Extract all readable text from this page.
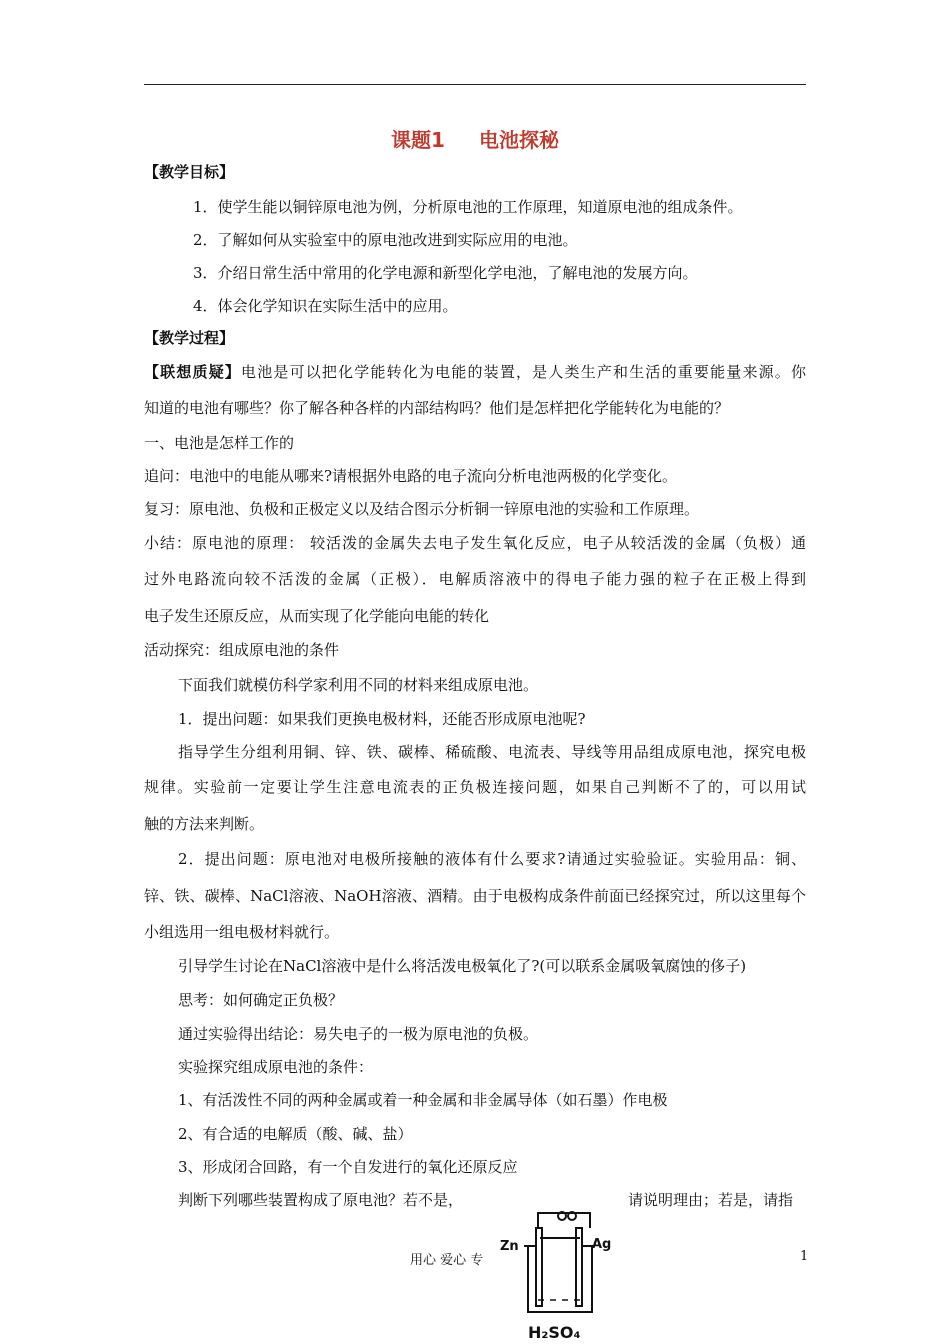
课题1 电池探秘
【教学目标】
1．使学生能以铜锌原电池为例，分析原电池的工作原理，知道原电池的组成条件。
2．了解如何从实验室中的原电池改进到实际应用的电池。
3．介绍日常生活中常用的化学电源和新型化学电池，了解电池的发展方向。
4．体会化学知识在实际生活中的应用。
【教学过程】
【联想质疑】电池是可以把化学能转化为电能的装置，是人类生产和生活的重要能量来源。你
知道的电池有哪些？你了解各种各样的内部结构吗？他们是怎样把化学能转化为电能的？
一、电池是怎样工作的
追问：电池中的电能从哪来?请根据外电路的电子流向分析电池两极的化学变化。
复习：原电池、负极和正极定义以及结合图示分析铜一锌原电池的实验和工作原理。
小结：原电池的原理： 较活泼的金属失去电子发生氧化反应，电子从较活泼的金属（负极）通
过外电路流向较不活泼的金属（正极）．电解质溶液中的得电子能力强的粒子在正极上得到
电子发生还原反应，从而实现了化学能向电能的转化
活动探究：组成原电池的条件
下面我们就模仿科学家利用不同的材料来组成原电池。
1．提出问题：如果我们更换电极材料，还能否形成原电池呢?
指导学生分组利用铜、锌、铁、碳棒、稀硫酸、电流表、导线等用品组成原电池，探究电极
规律。实验前一定要让学生注意电流表的正负极连接问题，如果自己判断不了的，可以用试
触的方法来判断。
2．提出问题：原电池对电极所接触的液体有什么要求?请通过实验验证。实验用品：铜、
锌、铁、碳棒、NaCl溶液、NaOH溶液、酒精。由于电极构成条件前面已经探究过，所以这里每个
小组选用一组电极材料就行。
引导学生讨论在NaCl溶液中是什么将活泼电极氧化了?(可以联系金属吸氧腐蚀的侈子)
思考：如何确定正负极？
通过实验得出结论：易失电子的一极为原电池的负极。
实验探究组成原电池的条件：
1、有活泼性不同的两种金属或着一种金属和非金属导体（如石墨）作电极
2、有合适的电解质（酸、碱、盐）
3、形成闭合回路，有一个自发进行的氧化还原反应
判断下列哪些装置构成了原电池？若不是，	请说明理由；若是，请指
用心 爱心 专	1
Zn	Ag
H₂SO₄
